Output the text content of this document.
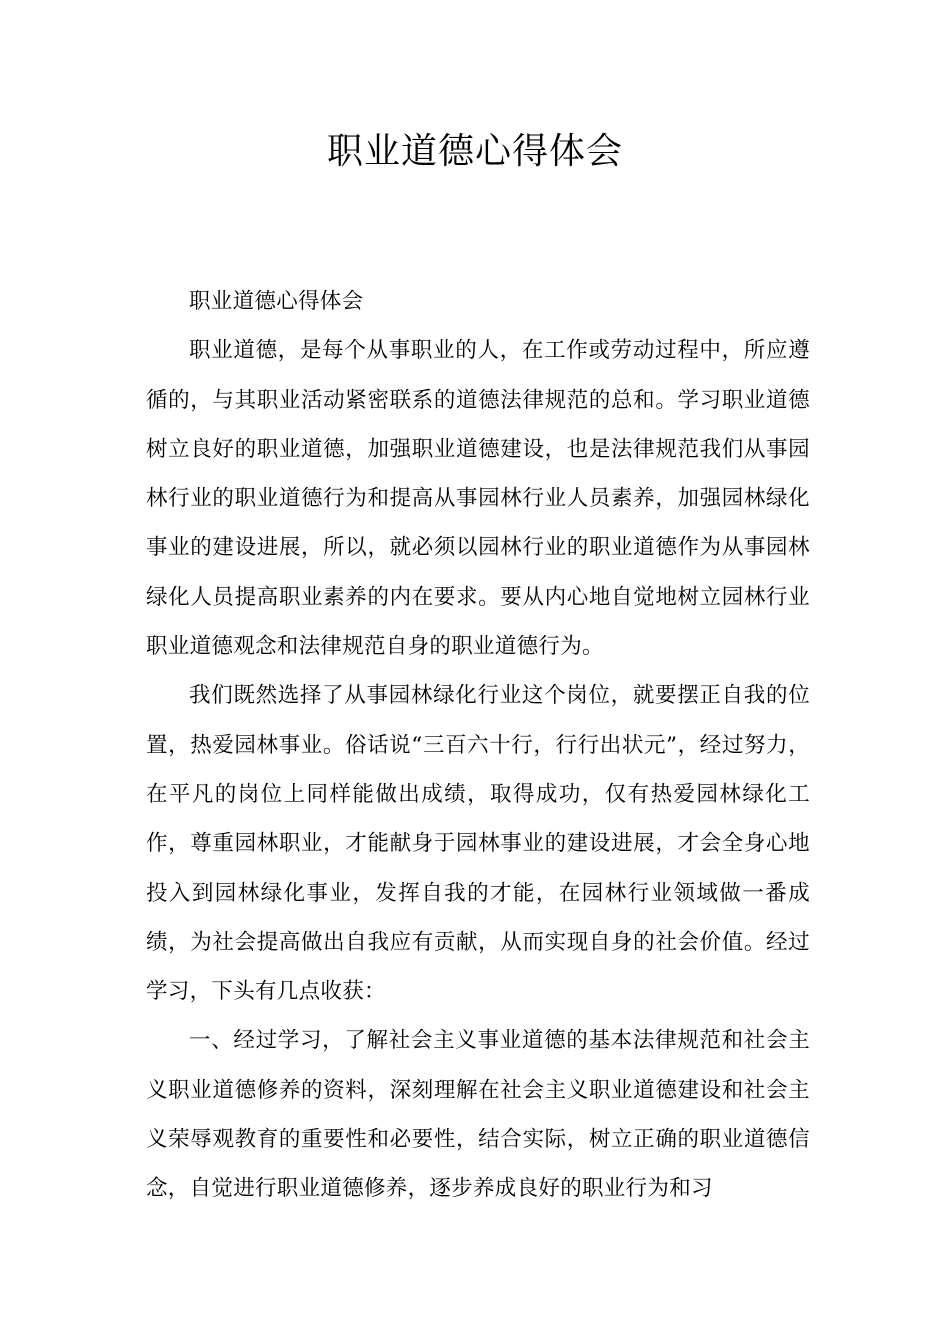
职业道德心得体会

职业道德心得体会

职业道德，是每个从事职业的人，在工作或劳动过程中，所应遵循的，与其职业活动紧密联系的道德法律规范的总和。学习职业道德树立良好的职业道德，加强职业道德建设，也是法律规范我们从事园林行业的职业道德行为和提高从事园林行业人员素养，加强园林绿化事业的建设进展，所以，就必须以园林行业的职业道德作为从事园林绿化人员提高职业素养的内在要求。要从内心地自觉地树立园林行业职业道德观念和法律规范自身的职业道德行为。

我们既然选择了从事园林绿化行业这个岗位，就要摆正自我的位置，热爱园林事业。俗话说“三百六十行，行行出状元”，经过努力，在平凡的岗位上同样能做出成绩，取得成功，仅有热爱园林绿化工作，尊重园林职业，才能献身于园林事业的建设进展，才会全身心地投入到园林绿化事业，发挥自我的才能，在园林行业领域做一番成绩，为社会提高做出自我应有贡献，从而实现自身的社会价值。经过学习，下头有几点收获：

一、经过学习，了解社会主义事业道德的基本法律规范和社会主义职业道德修养的资料，深刻理解在社会主义职业道德建设和社会主义荣辱观教育的重要性和必要性，结合实际，树立正确的职业道德信念，自觉进行职业道德修养，逐步养成良好的职业行为和习
